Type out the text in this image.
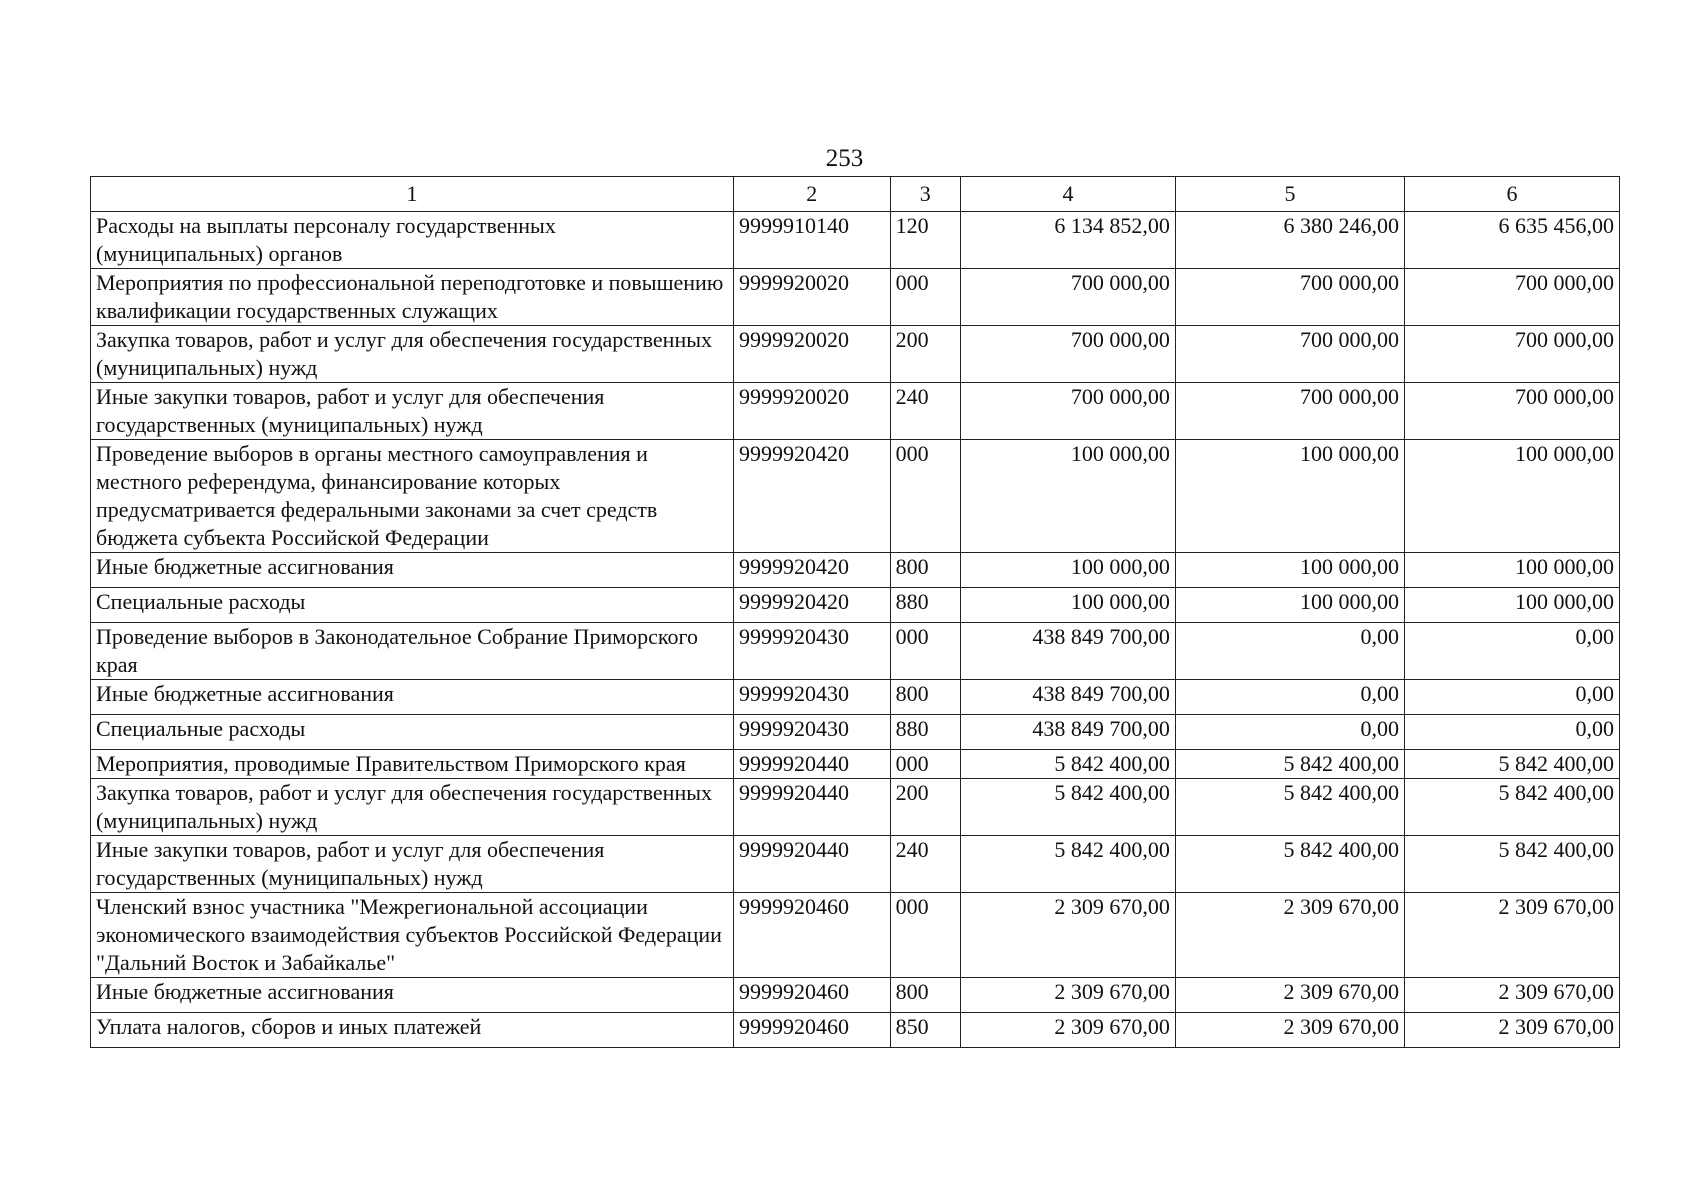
253
1	2	3	4	5	6
Расходы на выплаты персоналу государственных (муниципальных) органов	9999910140	120	6 134 852,00	6 380 246,00	6 635 456,00
Мероприятия по профессиональной переподготовке и повышению квалификации государственных служащих	9999920020	000	700 000,00	700 000,00	700 000,00
Закупка товаров, работ и услуг для обеспечения государственных (муниципальных) нужд	9999920020	200	700 000,00	700 000,00	700 000,00
Иные закупки товаров, работ и услуг для обеспечения государственных (муниципальных) нужд	9999920020	240	700 000,00	700 000,00	700 000,00
Проведение выборов в органы местного самоуправления и местного референдума, финансирование которых предусматривается федеральными законами за счет средств бюджета субъекта Российской Федерации	9999920420	000	100 000,00	100 000,00	100 000,00
Иные бюджетные ассигнования	9999920420	800	100 000,00	100 000,00	100 000,00
Специальные расходы	9999920420	880	100 000,00	100 000,00	100 000,00
Проведение выборов в Законодательное Собрание Приморского края	9999920430	000	438 849 700,00	0,00	0,00
Иные бюджетные ассигнования	9999920430	800	438 849 700,00	0,00	0,00
Специальные расходы	9999920430	880	438 849 700,00	0,00	0,00
Мероприятия, проводимые Правительством Приморского края	9999920440	000	5 842 400,00	5 842 400,00	5 842 400,00
Закупка товаров, работ и услуг для обеспечения государственных (муниципальных) нужд	9999920440	200	5 842 400,00	5 842 400,00	5 842 400,00
Иные закупки товаров, работ и услуг для обеспечения государственных (муниципальных) нужд	9999920440	240	5 842 400,00	5 842 400,00	5 842 400,00
Членский взнос участника "Межрегиональной ассоциации экономического взаимодействия субъектов Российской Федерации "Дальний Восток и Забайкалье"	9999920460	000	2 309 670,00	2 309 670,00	2 309 670,00
Иные бюджетные ассигнования	9999920460	800	2 309 670,00	2 309 670,00	2 309 670,00
Уплата налогов, сборов и иных платежей	9999920460	850	2 309 670,00	2 309 670,00	2 309 670,00
